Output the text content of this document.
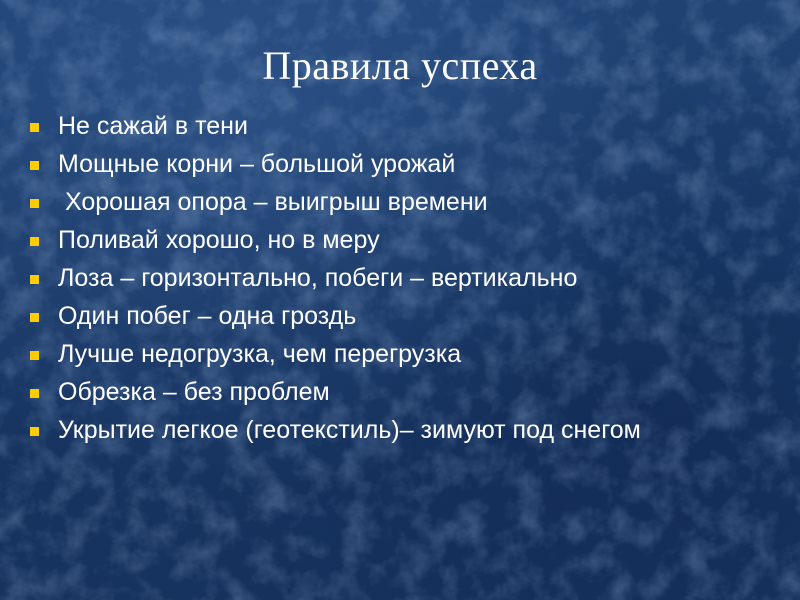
Правила успеха
Не сажай в тени
Мощные корни – большой урожай
Хорошая опора – выигрыш времени
Поливай хорошо, но в меру
Лоза – горизонтально, побеги – вертикально
Один побег – одна гроздь
Лучше недогрузка, чем перегрузка
Обрезка – без проблем
Укрытие легкое (геотекстиль)– зимуют под снегом
